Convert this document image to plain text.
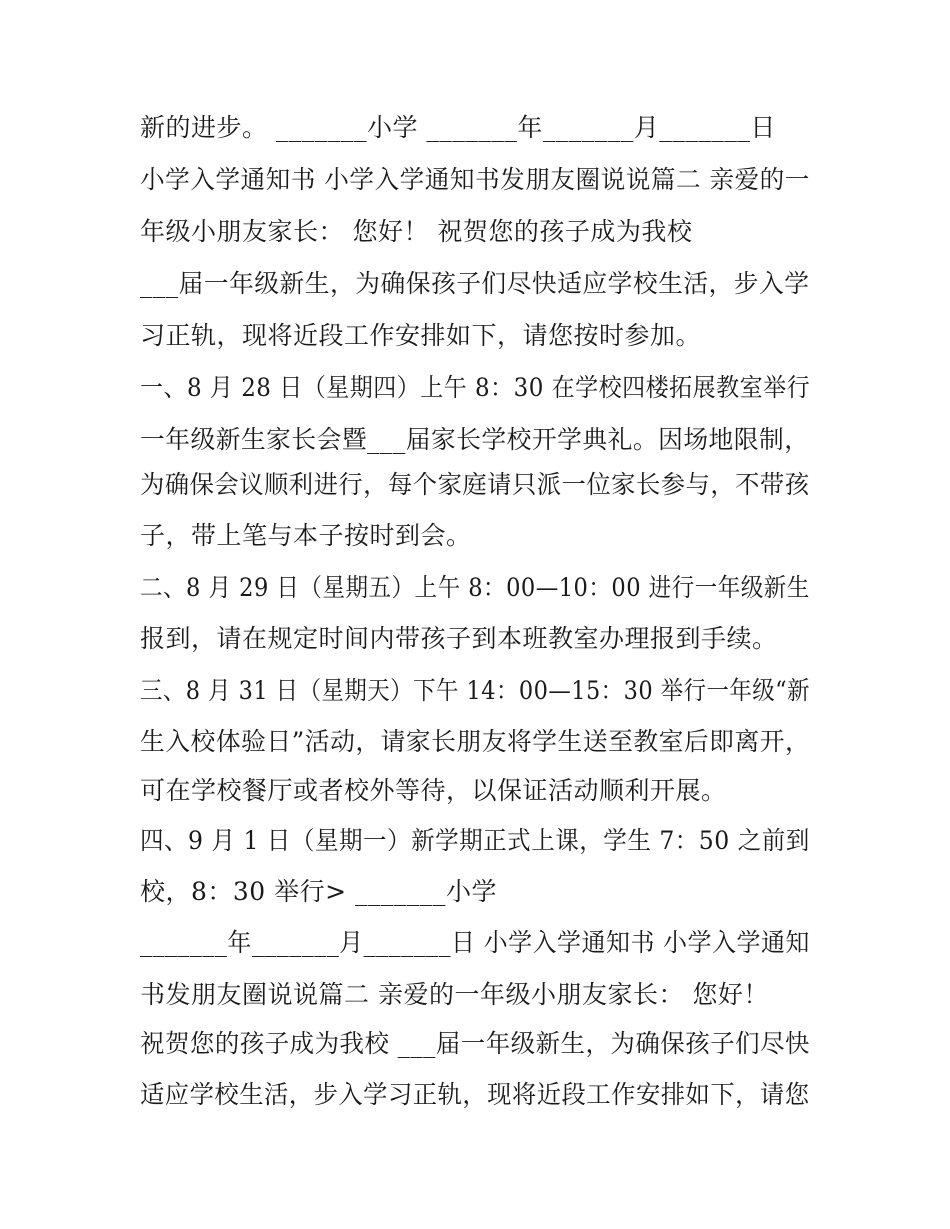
新的进步。 _______小学 _______年_______月_______日
小学入学通知书 小学入学通知书发朋友圈说说篇二 亲爱的一
年级小朋友家长： 您好！ 祝贺您的孩子成为我校
___届一年级新生，为确保孩子们尽快适应学校生活，步入学
习正轨，现将近段工作安排如下，请您按时参加。
一、8 月 28 日（星期四）上午 8：30 在学校四楼拓展教室举行
一年级新生家长会暨___届家长学校开学典礼。因场地限制，
为确保会议顺利进行，每个家庭请只派一位家长参与，不带孩
子，带上笔与本子按时到会。
二、8 月 29 日（星期五）上午 8：00—10：00 进行一年级新生
报到，请在规定时间内带孩子到本班教室办理报到手续。
三、8 月 31 日（星期天）下午 14：00—15：30 举行一年级“新
生入校体验日”活动，请家长朋友将学生送至教室后即离开，
可在学校餐厅或者校外等待，以保证活动顺利开展。
四、9 月 1 日（星期一）新学期正式上课，学生 7：50 之前到
校，8：30 举行> _______小学
_______年_______月_______日 小学入学通知书 小学入学通知
书发朋友圈说说篇二 亲爱的一年级小朋友家长： 您好！
祝贺您的孩子成为我校 ___届一年级新生，为确保孩子们尽快
适应学校生活，步入学习正轨，现将近段工作安排如下，请您
